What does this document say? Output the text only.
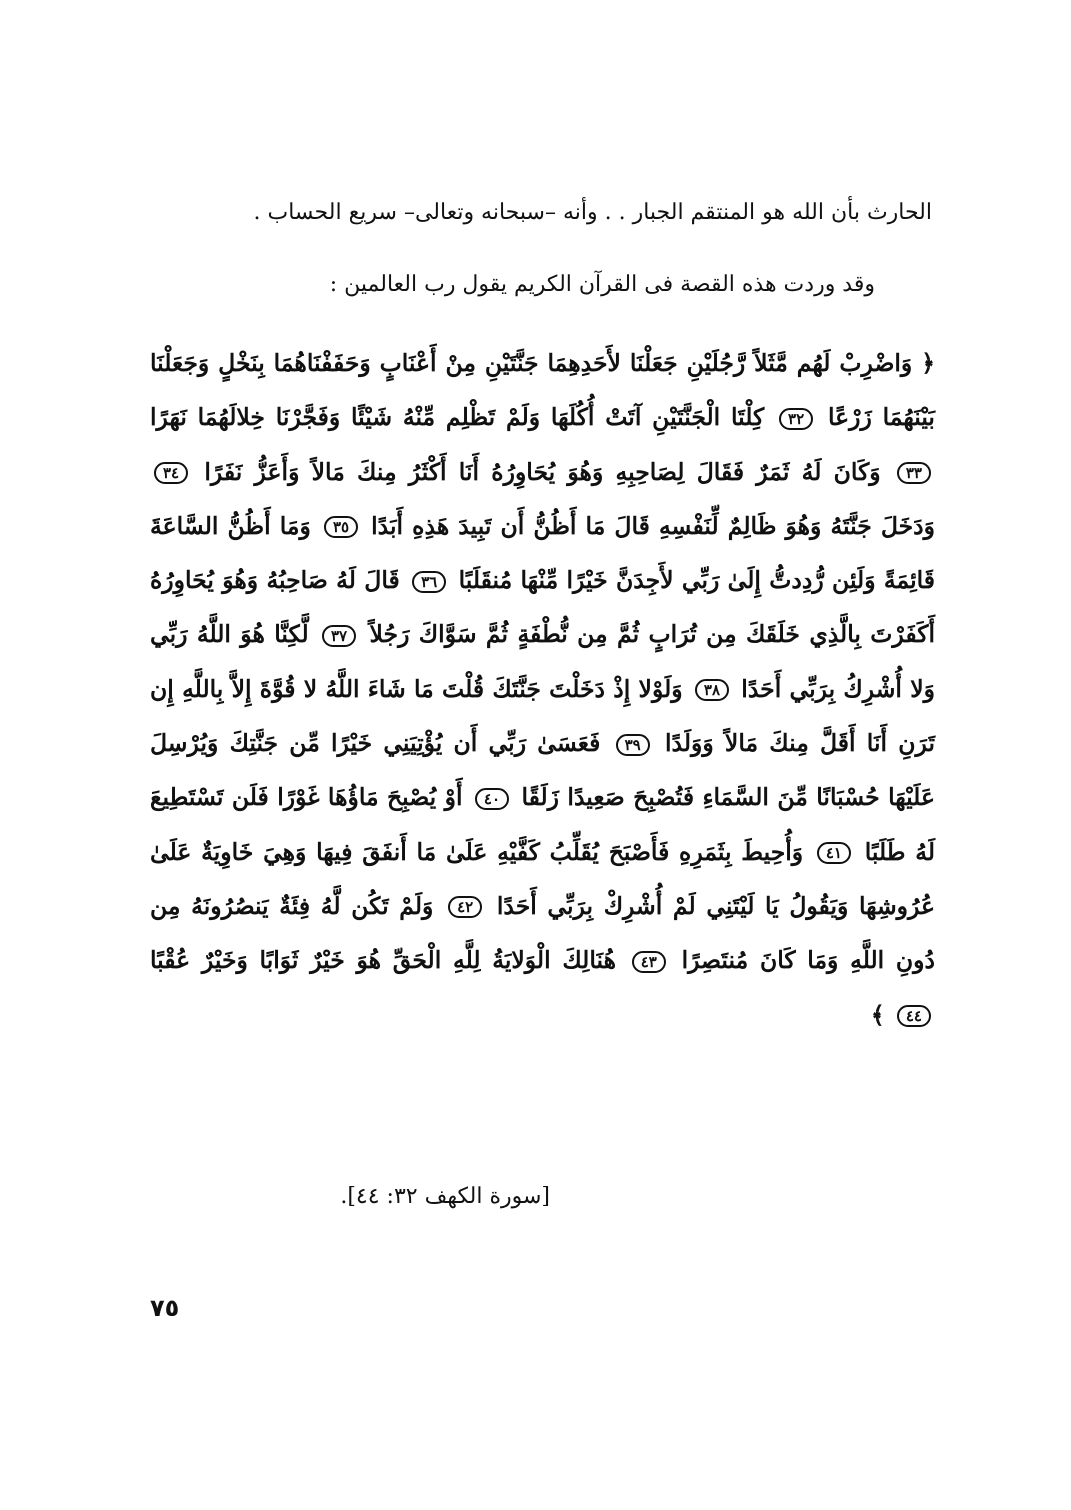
الحارث بأن الله هو المنتقم الجبار . . وأنه –سبحانه وتعالى– سريع الحساب .

وقد وردت هذه القصة فى القرآن الكريم يقول رب العالمين :

﴿ وَاضْرِبْ لَهُم مَّثَلاً رَّجُلَيْنِ جَعَلْنَا لأَحَدِهِمَا جَنَّتَيْنِ مِنْ أَعْنَابٍ وَحَفَفْنَاهُمَا بِنَخْلٍ وَجَعَلْنَا بَيْنَهُمَا زَرْعًا ٣٢ كِلْتَا الْجَنَّتَيْنِ آتَتْ أُكُلَهَا وَلَمْ تَظْلِم مِّنْهُ شَيْئًا وَفَجَّرْنَا خِلالَهُمَا نَهَرًا ٣٣ وَكَانَ لَهُ ثَمَرٌ فَقَالَ لِصَاحِبِهِ وَهُوَ يُحَاوِرُهُ أَنَا أَكْثَرُ مِنكَ مَالاً وَأَعَزُّ نَفَرًا ٣٤ وَدَخَلَ جَنَّتَهُ وَهُوَ ظَالِمٌ لِّنَفْسِهِ قَالَ مَا أَظُنُّ أَن تَبِيدَ هَذِهِ أَبَدًا ٣٥ وَمَا أَظُنُّ السَّاعَةَ قَائِمَةً وَلَئِن رُّدِدتُّ إِلَىٰ رَبِّي لأَجِدَنَّ خَيْرًا مِّنْهَا مُنقَلَبًا ٣٦ قَالَ لَهُ صَاحِبُهُ وَهُوَ يُحَاوِرُهُ أَكَفَرْتَ بِالَّذِي خَلَقَكَ مِن تُرَابٍ ثُمَّ مِن نُّطْفَةٍ ثُمَّ سَوَّاكَ رَجُلاً ٣٧ لَّكِنَّا هُوَ اللَّهُ رَبِّي وَلا أُشْرِكُ بِرَبِّي أَحَدًا ٣٨ وَلَوْلا إِذْ دَخَلْتَ جَنَّتَكَ قُلْتَ مَا شَاءَ اللَّهُ لا قُوَّةَ إِلاَّ بِاللَّهِ إِن تَرَنِ أَنَا أَقَلَّ مِنكَ مَالاً وَوَلَدًا ٣٩ فَعَسَىٰ رَبِّي أَن يُؤْتِيَنِي خَيْرًا مِّن جَنَّتِكَ وَيُرْسِلَ عَلَيْهَا حُسْبَانًا مِّنَ السَّمَاءِ فَتُصْبِحَ صَعِيدًا زَلَقًا ٤٠ أَوْ يُصْبِحَ مَاؤُهَا غَوْرًا فَلَن تَسْتَطِيعَ لَهُ طَلَبًا ٤١ وَأُحِيطَ بِثَمَرِهِ فَأَصْبَحَ يُقَلِّبُ كَفَّيْهِ عَلَىٰ مَا أَنفَقَ فِيهَا وَهِيَ خَاوِيَةٌ عَلَىٰ عُرُوشِهَا وَيَقُولُ يَا لَيْتَنِي لَمْ أُشْرِكْ بِرَبِّي أَحَدًا ٤٢ وَلَمْ تَكُن لَّهُ فِئَةٌ يَنصُرُونَهُ مِن دُونِ اللَّهِ وَمَا كَانَ مُنتَصِرًا ٤٣ هُنَالِكَ الْوَلايَةُ لِلَّهِ الْحَقِّ هُوَ خَيْرٌ ثَوَابًا وَخَيْرٌ عُقْبًا ٤٤ ﴾

[سورة الكهف ٣٢: ٤٤].
٧٥
